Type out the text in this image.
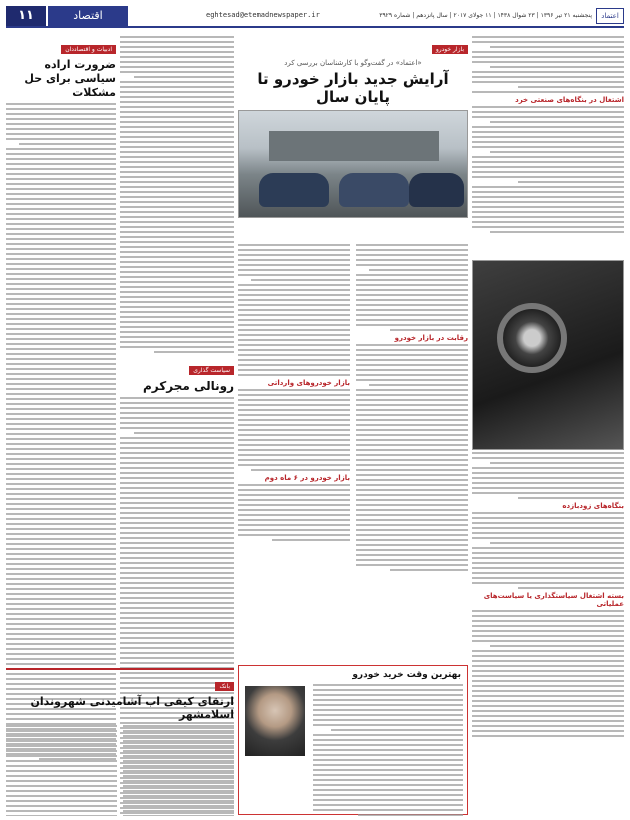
۱۱	اقتصاد	eghtesad@etemadnewspaper.ir	پنجشنبه ۲۱ تیر ۱۳۹۶ | ۲۳ شوال ۱۴۳۸ | ۱۱ جولای ۲۰۱۷ | سال پانزدهم | شماره ۳۹۲۹	اعتماد
اشتغال در بنگاه‌های صنعتی خرد
بنگاه‌های زودبازده
بسته اشتغال سیاستگذاری یا سیاست‌های عملیاتی
بازار خودرو
«اعتماد» در گفت‌وگو با کارشناسان بررسی کرد
آرایش جدید بازار خودرو تا پایان سال
رقابت در بازار خودرو
بازار خودروهای وارداتی
بازار خودرو در ۶ ماه دوم
بهترین وقت خرید خودرو
سیاست گذاری
رونالی مجرکرم
ادبیات و اقتصاددان
ضرورت اراده سیاسی برای حل مشکلات
بانک
ارتقای کیفی اب آشامیدنی شهروندان اسلامشهر
